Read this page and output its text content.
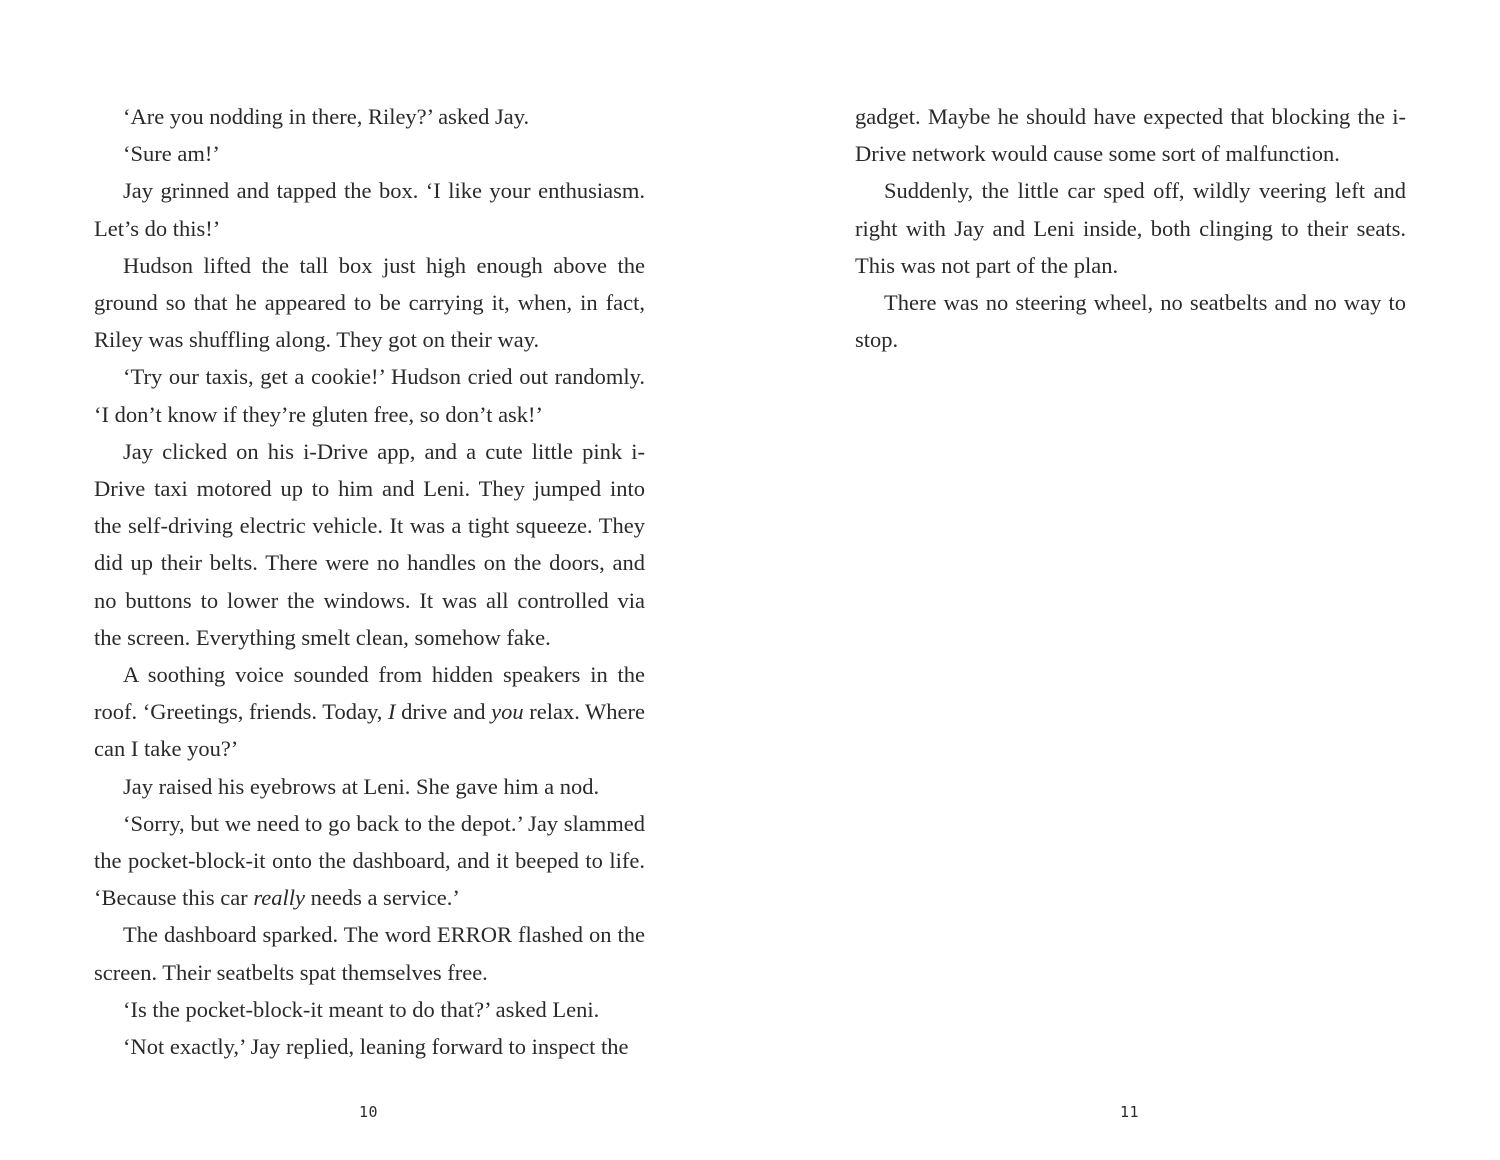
‘Are you nodding in there, Riley?’ asked Jay.

‘Sure am!’

Jay grinned and tapped the box. ‘I like your enthusiasm. Let’s do this!’

Hudson lifted the tall box just high enough above the ground so that he appeared to be carrying it, when, in fact, Riley was shuffling along. They got on their way.

‘Try our taxis, get a cookie!’ Hudson cried out randomly. ‘I don’t know if they’re gluten free, so don’t ask!’

Jay clicked on his i-Drive app, and a cute little pink i-Drive taxi motored up to him and Leni. They jumped into the self-driving electric vehicle. It was a tight squeeze. They did up their belts. There were no handles on the doors, and no buttons to lower the windows. It was all controlled via the screen. Everything smelt clean, somehow fake.

A soothing voice sounded from hidden speakers in the roof. ‘Greetings, friends. Today, I drive and you relax. Where can I take you?’

Jay raised his eyebrows at Leni. She gave him a nod.

‘Sorry, but we need to go back to the depot.’ Jay slammed the pocket-block-it onto the dashboard, and it beeped to life. ‘Because this car really needs a service.’

The dashboard sparked. The word ERROR flashed on the screen. Their seatbelts spat themselves free.

‘Is the pocket-block-it meant to do that?’ asked Leni.

‘Not exactly,’ Jay replied, leaning forward to inspect the

10

gadget. Maybe he should have expected that blocking the i-Drive network would cause some sort of malfunction.

Suddenly, the little car sped off, wildly veering left and right with Jay and Leni inside, both clinging to their seats. This was not part of the plan.

There was no steering wheel, no seatbelts and no way to stop.

11
